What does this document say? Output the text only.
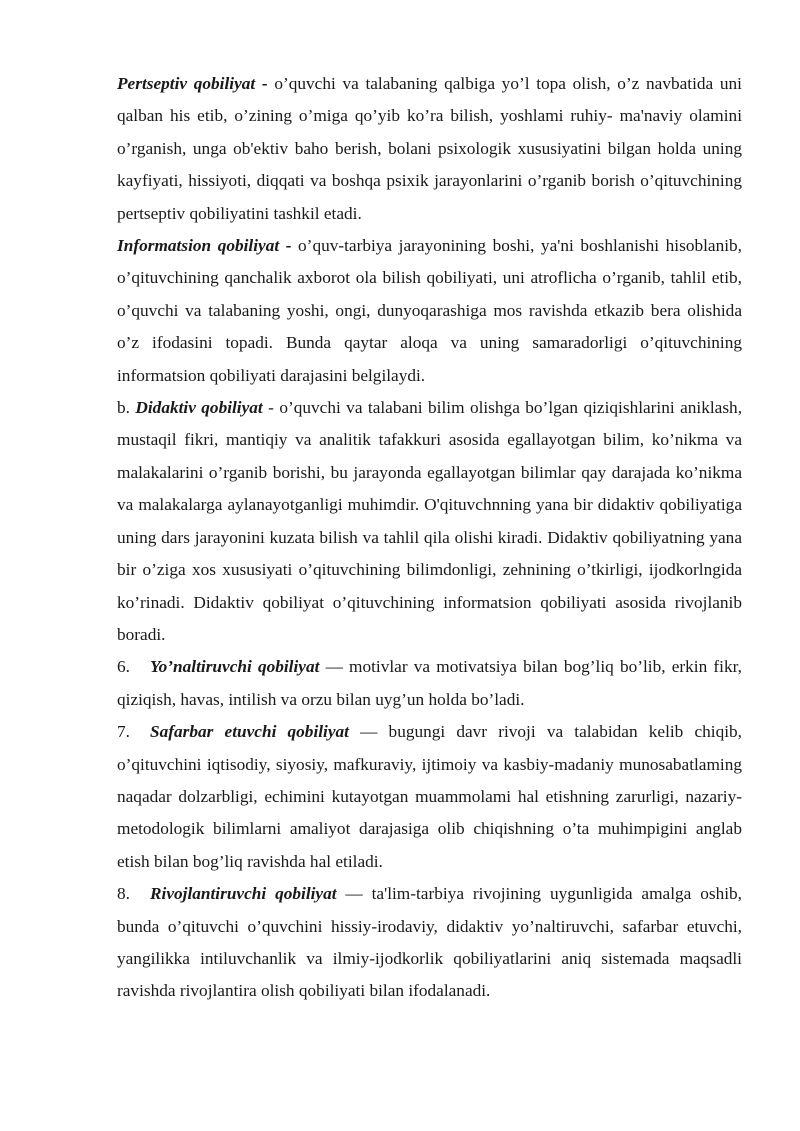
Pertseptiv qobiliyat - o’quvchi va talabaning qalbiga yo’l topa olish, o’z navbatida uni qalban his etib, o’zining o’miga qo’yib ko’ra bilish, yoshlami ruhiy- ma'naviy olamini o’rganish, unga ob'ektiv baho berish, bolani psixologik xususiyatini bilgan holda uning kayfiyati, hissiyoti, diqqati va boshqa psixik jarayonlarini o’rganib borish o’qituvchining pertseptiv qobiliyatini tashkil etadi.

Informatsion qobiliyat - o’quv-tarbiya jarayonining boshi, ya'ni boshlanishi hisoblanib, o’qituvchining qanchalik axborot ola bilish qobiliyati, uni atroflicha o’rganib, tahlil etib, o’quvchi va talabaning yoshi, ongi, dunyoqarashiga mos ravishda etkazib bera olishida o’z ifodasini topadi. Bunda qaytar aloqa va uning samaradorligi o’qituvchining informatsion qobiliyati darajasini belgilaydi.

b. Didaktiv qobiliyat - o’quvchi va talabani bilim olishga bo’lgan qiziqishlarini aniklash, mustaqil fikri, mantiqiy va analitik tafakkuri asosida egallayotgan bilim, ko’nikma va malakalarini o’rganib borishi, bu jarayonda egallayotgan bilimlar qay darajada ko’nikma va malakalarga aylanayotganligi muhimdir. O'qituvchnning yana bir didaktiv qobiliyatiga uning dars jarayonini kuzata bilish va tahlil qila olishi kiradi. Didaktiv qobiliyatning yana bir o’ziga xos xususiyati o’qituvchining bilimdonligi, zehnining o’tkirligi, ijodkorlngida ko’rinadi. Didaktiv qobiliyat o’qituvchining informatsion qobiliyati asosida rivojlanib boradi.

6. Yo’naltiruvchi qobiliyat — motivlar va motivatsiya bilan bog’liq bo’lib, erkin fikr, qiziqish, havas, intilish va orzu bilan uyg’un holda bo’ladi.

7. Safarbar etuvchi qobiliyat — bugungi davr rivoji va talabidan kelib chiqib, o’qituvchini iqtisodiy, siyosiy, mafkuraviy, ijtimoiy va kasbiy-madaniy munosabatlaming naqadar dolzarbligi, echimini kutayotgan muammolami hal etishning zarurligi, nazariy-metodologik bilimlarni amaliyot darajasiga olib chiqishning o’ta muhimpigini anglab etish bilan bog’liq ravishda hal etiladi.

8. Rivojlantiruvchi qobiliyat — ta'lim-tarbiya rivojining uygunligida amalga oshib, bunda o’qituvchi o’quvchini hissiy-irodaviy, didaktiv yo’naltiruvchi, safarbar etuvchi, yangilikka intiluvchanlik va ilmiy-ijodkorlik qobiliyatlarini aniq sistemada maqsadli ravishda rivojlantira olish qobiliyati bilan ifodalanadi.
